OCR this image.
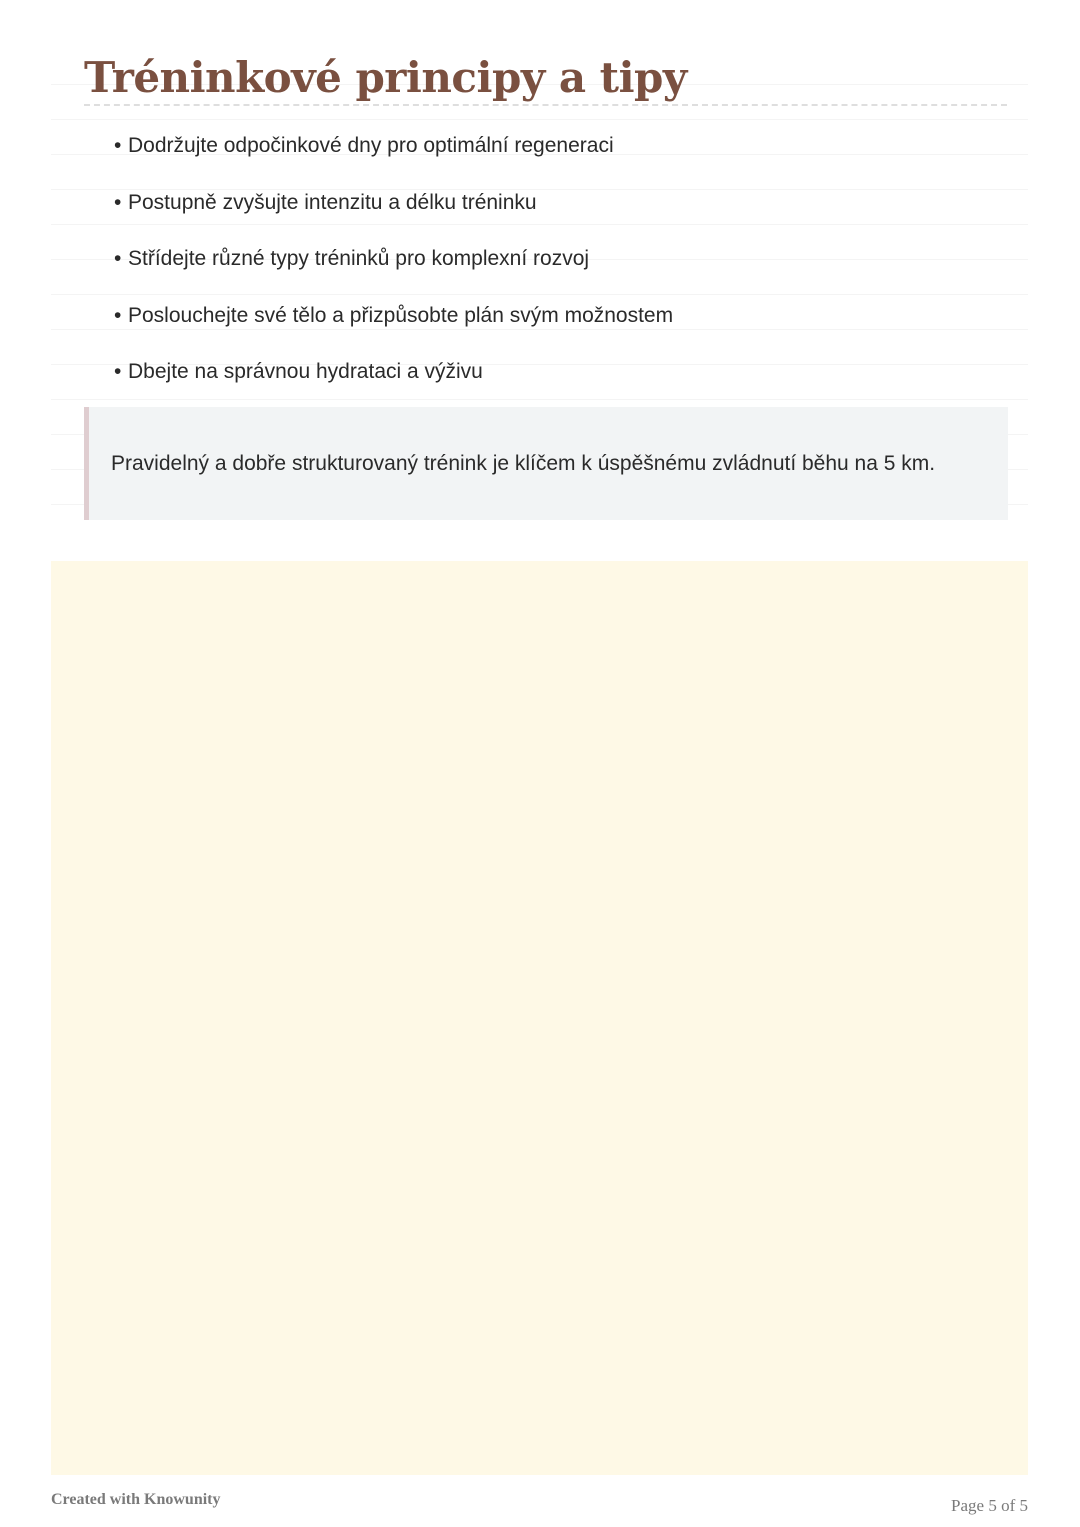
Tréninkové principy a tipy
• Dodržujte odpočinkové dny pro optimální regeneraci
• Postupně zvyšujte intenzitu a délku tréninku
• Střídejte různé typy tréninků pro komplexní rozvoj
• Poslouchejte své tělo a přizpůsobte plán svým možnostem
• Dbejte na správnou hydrataci a výživu
Pravidelný a dobře strukturovaný trénink je klíčem k úspěšnému zvládnutí běhu na 5 km.
Created with Knowunity	Page 5 of 5
